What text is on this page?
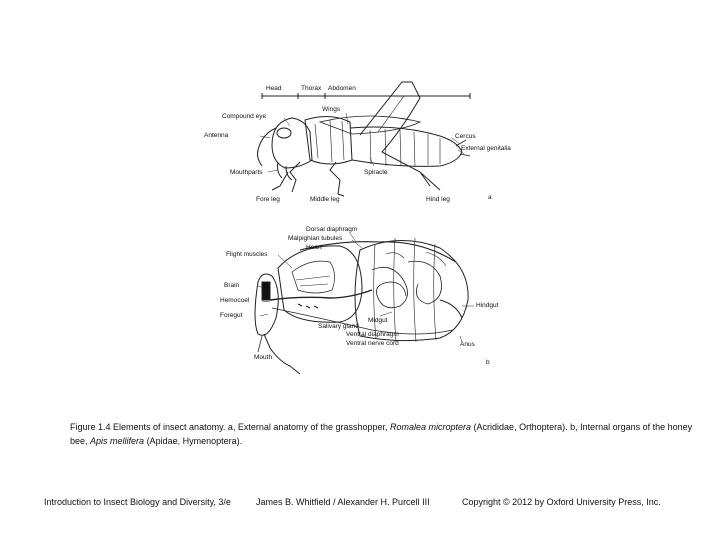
Head	Thorax Abdomen
Wings
Compound eye
Antenna
Mouthparts
Fore leg	Middle leg
Spiracle
Cercus
External genitalia
Hind leg	a
Dorsal diaphragm
Malpighian tubules
Heart
Flight muscles
Brain
Hemocoel
Foregut
Salivary gland
Midgut
Ventral diaphragm
Ventral nerve cord
Hindgut
Anus
Mouth
b
Figure 1.4 Elements of insect anatomy. a, External anatomy of the grasshopper, Romalea microptera (Acrididae, Orthoptera). b, Internal organs of the honey bee, Apis mellifera (Apidae, Hymenoptera).
Introduction to Insect Biology and Diversity, 3/e	James B. Whitfield / Alexander H. Purcell III	Copyright © 2012 by Oxford University Press, Inc.
